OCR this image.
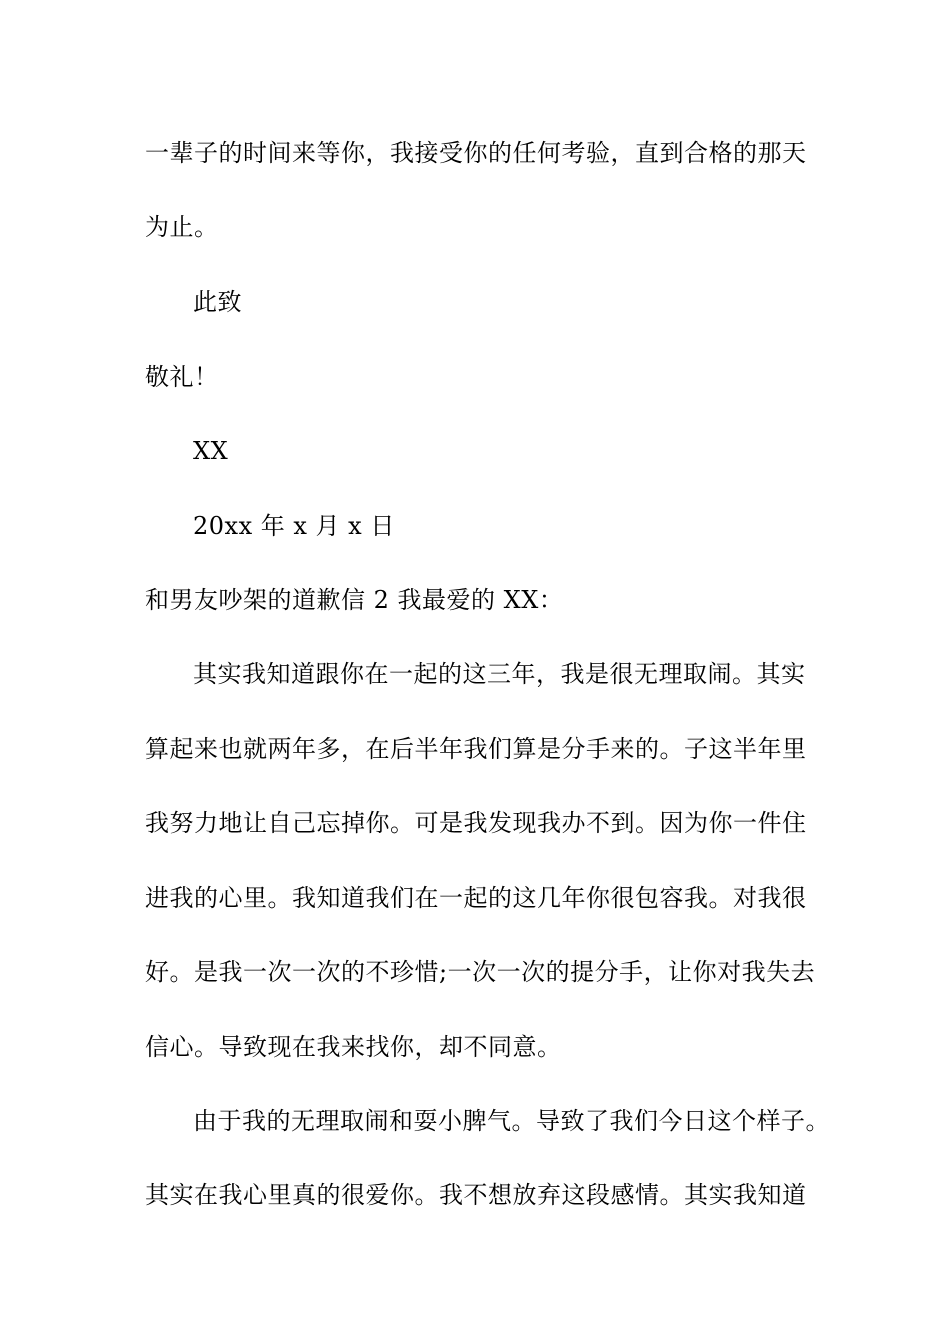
一辈子的时间来等你，我接受你的任何考验，直到合格的那天
为止。
此致
敬礼！
XX
20xx 年 x 月 x 日
和男友吵架的道歉信 2 我最爱的 XX：
其实我知道跟你在一起的这三年，我是很无理取闹。其实
算起来也就两年多，在后半年我们算是分手来的。子这半年里
我努力地让自己忘掉你。可是我发现我办不到。因为你一件住
进我的心里。我知道我们在一起的这几年你很包容我。对我很
好。是我一次一次的不珍惜;一次一次的提分手，让你对我失去
信心。导致现在我来找你，却不同意。
由于我的无理取闹和耍小脾气。导致了我们今日这个样子。
其实在我心里真的很爱你。我不想放弃这段感情。其实我知道
